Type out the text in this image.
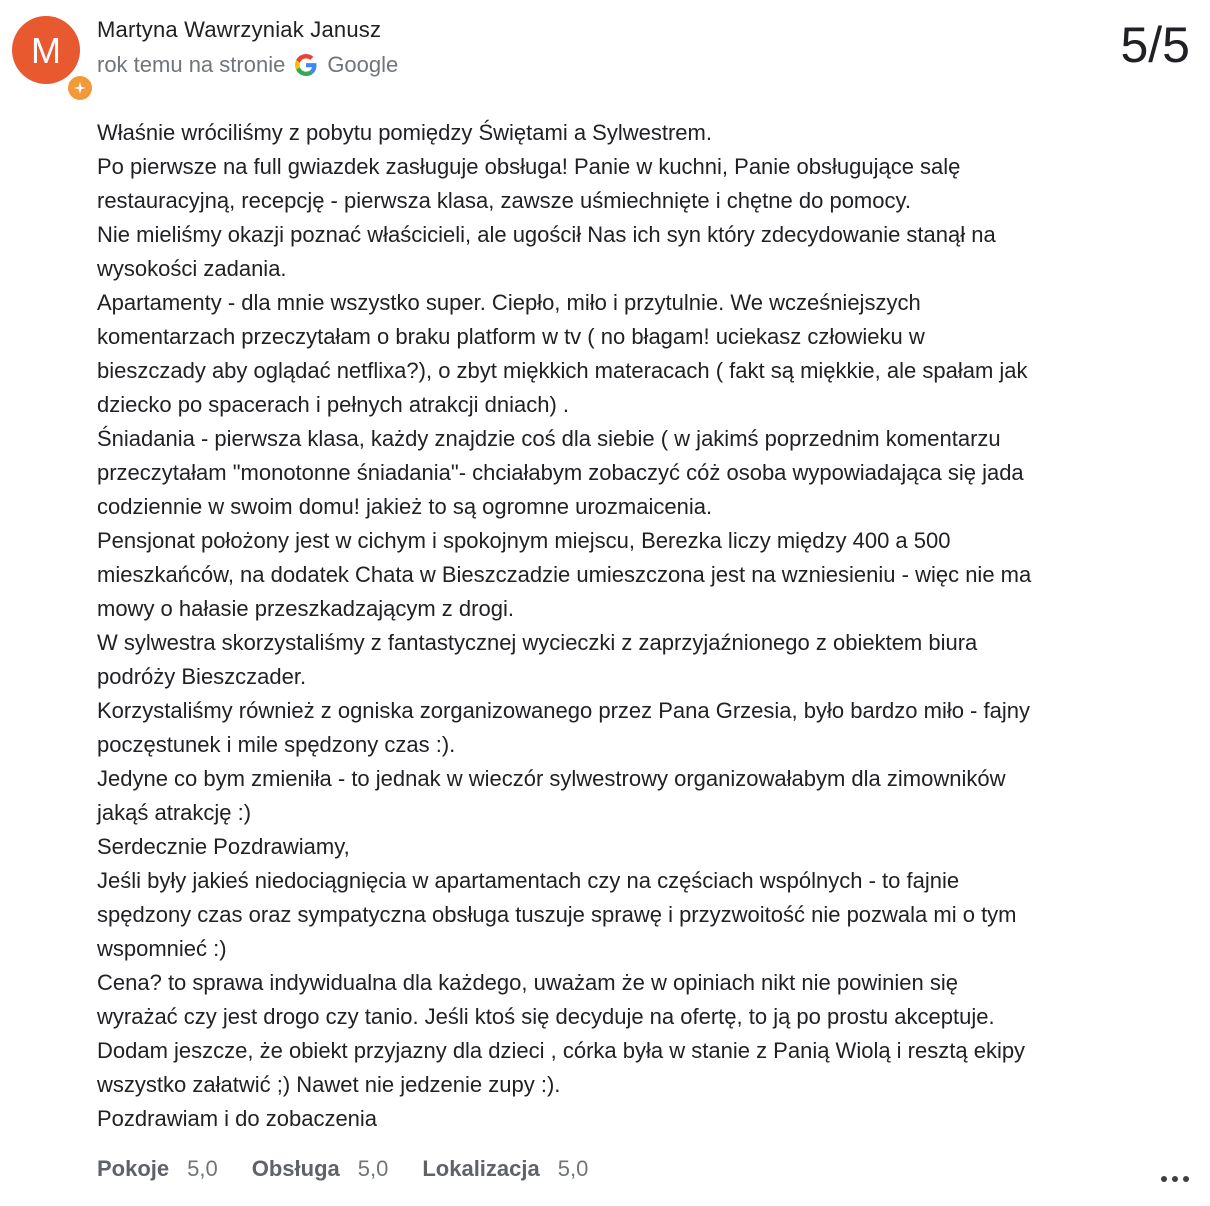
M
Martyna Wawrzyniak Janusz
rok temu na stronie Google	5/5
Właśnie wróciliśmy z pobytu pomiędzy Świętami a Sylwestrem.
Po pierwsze na full gwiazdek zasługuje obsługa! Panie w kuchni, Panie obsługujące salę
restauracyjną, recepcję - pierwsza klasa, zawsze uśmiechnięte i chętne do pomocy.
Nie mieliśmy okazji poznać właścicieli, ale ugościł Nas ich syn który zdecydowanie stanął na
wysokości zadania.
Apartamenty - dla mnie wszystko super. Ciepło, miło i przytulnie. We wcześniejszych
komentarzach przeczytałam o braku platform w tv ( no błagam! uciekasz człowieku w
bieszczady aby oglądać netflixa?), o zbyt miękkich materacach ( fakt są miękkie, ale spałam jak
dziecko po spacerach i pełnych atrakcji dniach) .
Śniadania - pierwsza klasa, każdy znajdzie coś dla siebie ( w jakimś poprzednim komentarzu
przeczytałam "monotonne śniadania"- chciałabym zobaczyć cóż osoba wypowiadająca się jada
codziennie w swoim domu! jakież to są ogromne urozmaicenia.
Pensjonat położony jest w cichym i spokojnym miejscu, Berezka liczy między 400 a 500
mieszkańców, na dodatek Chata w Bieszczadzie umieszczona jest na wzniesieniu - więc nie ma
mowy o hałasie przeszkadzającym z drogi.
W sylwestra skorzystaliśmy z fantastycznej wycieczki z zaprzyjaźnionego z obiektem biura
podróży Bieszczader.
Korzystaliśmy również z ogniska zorganizowanego przez Pana Grzesia, było bardzo miło - fajny
poczęstunek i mile spędzony czas :).
Jedyne co bym zmieniła - to jednak w wieczór sylwestrowy organizowałabym dla zimowników
jakąś atrakcję :)
Serdecznie Pozdrawiamy,
Jeśli były jakieś niedociągnięcia w apartamentach czy na częściach wspólnych - to fajnie
spędzony czas oraz sympatyczna obsługa tuszuje sprawę i przyzwoitość nie pozwala mi o tym
wspomnieć :)
Cena? to sprawa indywidualna dla każdego, uważam że w opiniach nikt nie powinien się
wyrażać czy jest drogo czy tanio. Jeśli ktoś się decyduje na ofertę, to ją po prostu akceptuje.
Dodam jeszcze, że obiekt przyjazny dla dzieci , córka była w stanie z Panią Wiolą i resztą ekipy
wszystko załatwić ;) Nawet nie jedzenie zupy :).
Pozdrawiam i do zobaczenia
Pokoje 5,0 Obsługa 5,0 Lokalizacja 5,0
